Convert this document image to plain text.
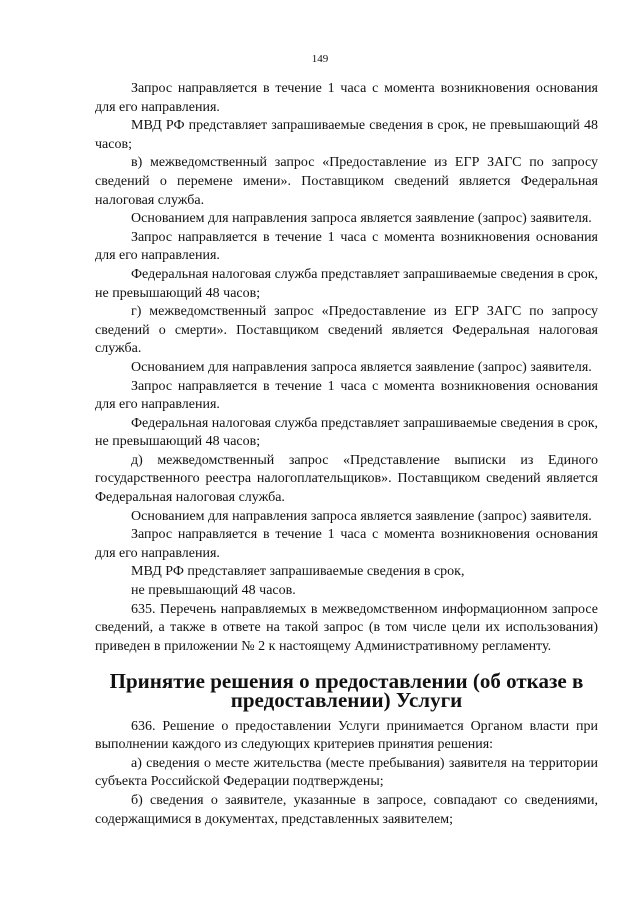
149

Запрос направляется в течение 1 часа с момента возникновения основания для его направления.

МВД РФ представляет запрашиваемые сведения в срок, не превышающий 48 часов;

в) межведомственный запрос «Предоставление из ЕГР ЗАГС по запросу сведений о перемене имени». Поставщиком сведений является Федеральная налоговая служба.

Основанием для направления запроса является заявление (запрос) заявителя.

Запрос направляется в течение 1 часа с момента возникновения основания для его направления.

Федеральная налоговая служба представляет запрашиваемые сведения в срок, не превышающий 48 часов;

г) межведомственный запрос «Предоставление из ЕГР ЗАГС по запросу сведений о смерти». Поставщиком сведений является Федеральная налоговая служба.

Основанием для направления запроса является заявление (запрос) заявителя.

Запрос направляется в течение 1 часа с момента возникновения основания для его направления.

Федеральная налоговая служба представляет запрашиваемые сведения в срок, не превышающий 48 часов;

д) межведомственный запрос «Представление выписки из Единого государственного реестра налогоплательщиков». Поставщиком сведений является Федеральная налоговая служба.

Основанием для направления запроса является заявление (запрос) заявителя.

Запрос направляется в течение 1 часа с момента возникновения основания для его направления.

МВД РФ представляет запрашиваемые сведения в срок,

не превышающий 48 часов.

635. Перечень направляемых в межведомственном информационном запросе сведений, а также в ответе на такой запрос (в том числе цели их использования) приведен в приложении № 2 к настоящему Административному регламенту.

Принятие решения о предоставлении (об отказе в предоставлении) Услуги

636. Решение о предоставлении Услуги принимается Органом власти при выполнении каждого из следующих критериев принятия решения:

а) сведения о месте жительства (месте пребывания) заявителя на территории субъекта Российской Федерации подтверждены;

б) сведения о заявителе, указанные в запросе, совпадают со сведениями, содержащимися в документах, представленных заявителем;
